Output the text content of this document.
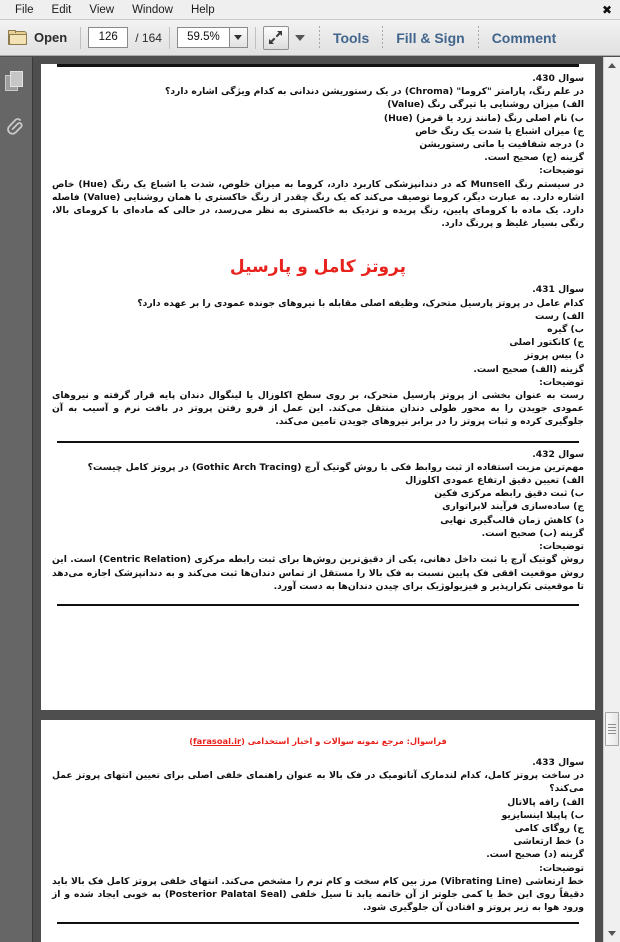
File	Edit	View	Window	Help	✖
Open	126	/ 164	59.5%	Tools Fill & Sign Comment
سوال 430.
در علم رنگ، پارامتر "کروما" (Chroma) در یک رستوریشن دندانی به کدام ویژگی اشاره دارد؟
الف) میزان روشنایی یا تیرگی رنگ (Value)
ب) نام اصلی رنگ (مانند زرد یا قرمز) (Hue)
ج) میزان اشباع یا شدت یک رنگ خاص
د) درجه شفافیت یا ماتی رستوریشن
گزینه (ج) صحیح است.
توضیحات:
در سیستم رنگ Munsell که در دندانپزشکی کاربرد دارد، کروما به میزان خلوص، شدت یا اشباع یک رنگ (Hue) خاص اشاره دارد. به عبارت دیگر، کروما توصیف می‌کند که یک رنگ چقدر از رنگ خاکستری با همان روشنایی (Value) فاصله دارد. یک ماده با کرومای پایین، رنگ پریده و نزدیک به خاکستری به نظر می‌رسد، در حالی که ماده‌ای با کرومای بالا، رنگی بسیار غلیظ و پررنگ دارد.
پروتز کامل و پارسیل
سوال 431.
کدام عامل در پروتز پارسیل متحرک، وظیفه اصلی مقابله با نیروهای جونده عمودی را بر عهده دارد؟
الف) رست
ب) گیره
ج) کانکتور اصلی
د) بیس پروتز
گزینه (الف) صحیح است.
توضیحات:
رست به عنوان بخشی از پروتز پارسیل متحرک، بر روی سطح اکلوزال یا لینگوال دندان پایه قرار گرفته و نیروهای عمودی جویدن را به محور طولی دندان منتقل می‌کند. این عمل از فرو رفتن پروتز در بافت نرم و آسیب به آن جلوگیری کرده و ثبات پروتز را در برابر نیروهای جویدن تامین می‌کند.
سوال 432.
مهم‌ترین مزیت استفاده از ثبت روابط فکی با روش گوتیک آرچ (Gothic Arch Tracing) در پروتز کامل چیست؟
الف) تعیین دقیق ارتفاع عمودی اکلوزال
ب) ثبت دقیق رابطه مرکزی فکین
ج) ساده‌سازی فرآیند لابراتواری
د) کاهش زمان قالب‌گیری نهایی
گزینه (ب) صحیح است.
توضیحات:
روش گوتیک آرچ یا ثبت داخل دهانی، یکی از دقیق‌ترین روش‌ها برای ثبت رابطه مرکزی (Centric Relation) است. این روش موقعیت افقی فک پایین نسبت به فک بالا را مستقل از تماس دندان‌ها ثبت می‌کند و به دندانپزشک اجازه می‌دهد تا موقعیتی تکرارپذیر و فیزیولوژیک برای چیدن دندان‌ها به دست آورد.
فراسوال: مرجع نمونه سوالات و اخبار استخدامی (farasoal.ir)
سوال 433.
در ساخت پروتز کامل، کدام لندمارک آناتومیک در فک بالا به عنوان راهنمای خلفی اصلی برای تعیین انتهای پروتز عمل می‌کند؟
الف) رافه پالاتال
ب) پاپیلا اینسایزیو
ج) روگای کامی
د) خط ارتعاشی
گزینه (د) صحیح است.
توضیحات:
خط ارتعاشی (Vibrating Line) مرز بین کام سخت و کام نرم را مشخص می‌کند. انتهای خلفی پروتز کامل فک بالا باید دقیقاً روی این خط یا کمی جلوتر از آن خاتمه یابد تا سیل خلفی (Posterior Palatal Seal) به خوبی ایجاد شده و از ورود هوا به زیر پروتز و افتادن آن جلوگیری شود.
